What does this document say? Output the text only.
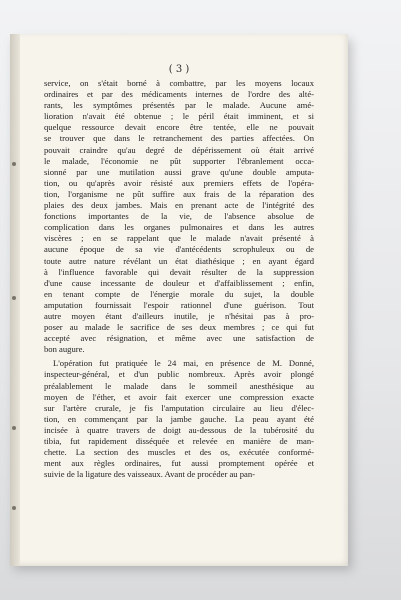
( 3 )
service, on s'était borné à combattre, par les moyens locaux
ordinaires et par des médicaments internes de l'ordre des alté-
rants, les symptômes présentés par le malade. Aucune amé-
lioration n'avait été obtenue ; le péril était imminent, et si
quelque ressource devait encore être tentée, elle ne pouvait
se trouver que dans le retranchement des parties affectées. On
pouvait craindre qu'au degré de dépérissement où était arrivé
le malade, l'économie ne pût supporter l'ébranlement occa-
sionné par une mutilation aussi grave qu'une double amputa-
tion, ou qu'après avoir résisté aux premiers effets de l'opéra-
tion, l'organisme ne pût suffire aux frais de la réparation des
plaies des deux jambes. Mais en prenant acte de l'intégrité des
fonctions importantes de la vie, de l'absence absolue de
complication dans les organes pulmonaires et dans les autres
viscères ; en se rappelant que le malade n'avait présenté à
aucune époque de sa vie d'antécédents scrophuleux ou de
toute autre nature révélant un état diathésique ; en ayant égard
à l'influence favorable qui devait résulter de la suppression
d'une cause incessante de douleur et d'affaiblissement ; enfin,
en tenant compte de l'énergie morale du sujet, la double
amputation fournissait l'espoir rationnel d'une guérison. Tout
autre moyen étant d'ailleurs inutile, je n'hésitai pas à pro-
poser au malade le sacrifice de ses deux membres ; ce qui fut
accepté avec résignation, et même avec une satisfaction de
bon augure.
L'opération fut pratiquée le 24 mai, en présence de M. Donné,
inspecteur-général, et d'un public nombreux. Après avoir plongé
préalablement le malade dans le sommeil anesthésique au
moyen de l'éther, et avoir fait exercer une compression exacte
sur l'artère crurale, je fis l'amputation circulaire au lieu d'élec-
tion, en commençant par la jambe gauche. La peau ayant été
incisée à quatre travers de doigt au-dessous de la tubérosité du
tibia, fut rapidement disséquée et relevée en manière de man-
chette. La section des muscles et des os, exécutée conformé-
ment aux règles ordinaires, fut aussi promptement opérée et
suivie de la ligature des vaisseaux. Avant de procéder au pan-
